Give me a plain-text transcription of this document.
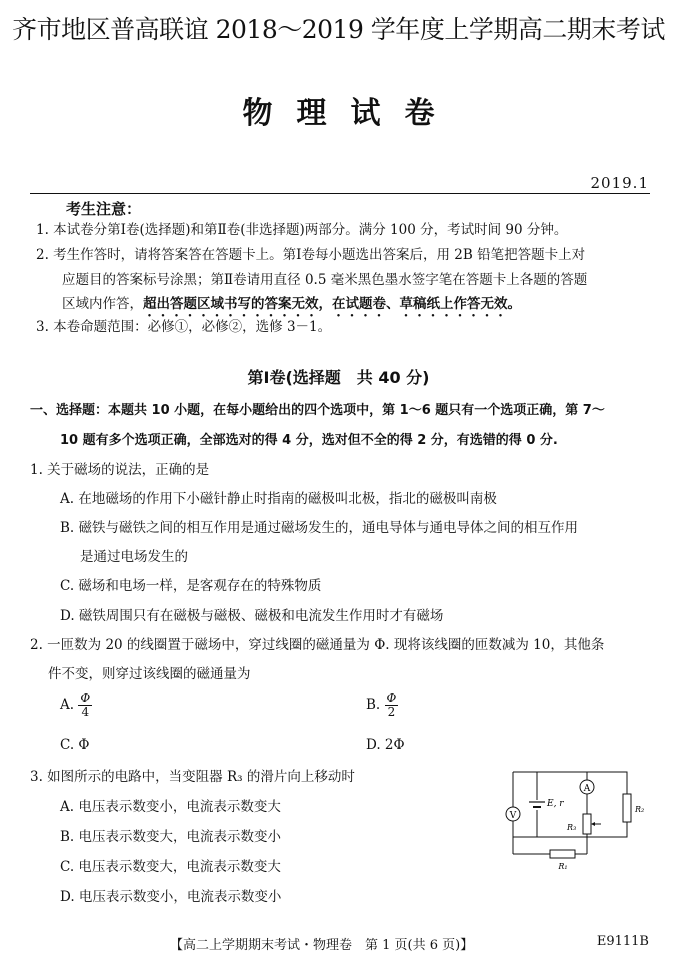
齐市地区普高联谊 2018～2019 学年度上学期高二期末考试
物理试卷
2019.1
考生注意：
1. 本试卷分第Ⅰ卷(选择题)和第Ⅱ卷(非选择题)两部分。满分 100 分，考试时间 90 分钟。
2. 考生作答时，请将答案答在答题卡上。第Ⅰ卷每小题选出答案后，用 2B 铅笔把答题卡上对
应题目的答案标号涂黑；第Ⅱ卷请用直径 0.5 毫米黑色墨水签字笔在答题卡上各题的答题
区域内作答，超出答题区域书写的答案无效，在试题卷、草稿纸上作答无效。
3. 本卷命题范围：必修①，必修②，选修 3－1。
第Ⅰ卷(选择题　共 40 分)
一、选择题：本题共 10 小题，在每小题给出的四个选项中，第 1～6 题只有一个选项正确，第 7～
10 题有多个选项正确，全部选对的得 4 分，选对但不全的得 2 分，有选错的得 0 分.
1. 关于磁场的说法，正确的是
A. 在地磁场的作用下小磁针静止时指南的磁极叫北极，指北的磁极叫南极
B. 磁铁与磁铁之间的相互作用是通过磁场发生的，通电导体与通电导体之间的相互作用
是通过电场发生的
C. 磁场和电场一样，是客观存在的特殊物质
D. 磁铁周围只有在磁极与磁极、磁极和电流发生作用时才有磁场
2. 一匝数为 20 的线圈置于磁场中，穿过线圈的磁通量为 Φ. 现将该线圈的匝数减为 10，其他条
件不变，则穿过该线圈的磁通量为
A. $\frac{\Phi}{4}$	B. $\frac{\Phi}{2}$
C. Φ	D. 2Φ
3. 如图所示的电路中，当变阻器 R₃ 的滑片向上移动时
A. 电压表示数变小，电流表示数变大
B. 电压表示数变大，电流表示数变小
C. 电压表示数变大，电流表示数变大
D. 电压表示数变小，电流表示数变小
V
A
E, r
R₂
R₃
R₁
【高二上学期期末考试・物理卷　第 1 页(共 6 页)】	E9111B
